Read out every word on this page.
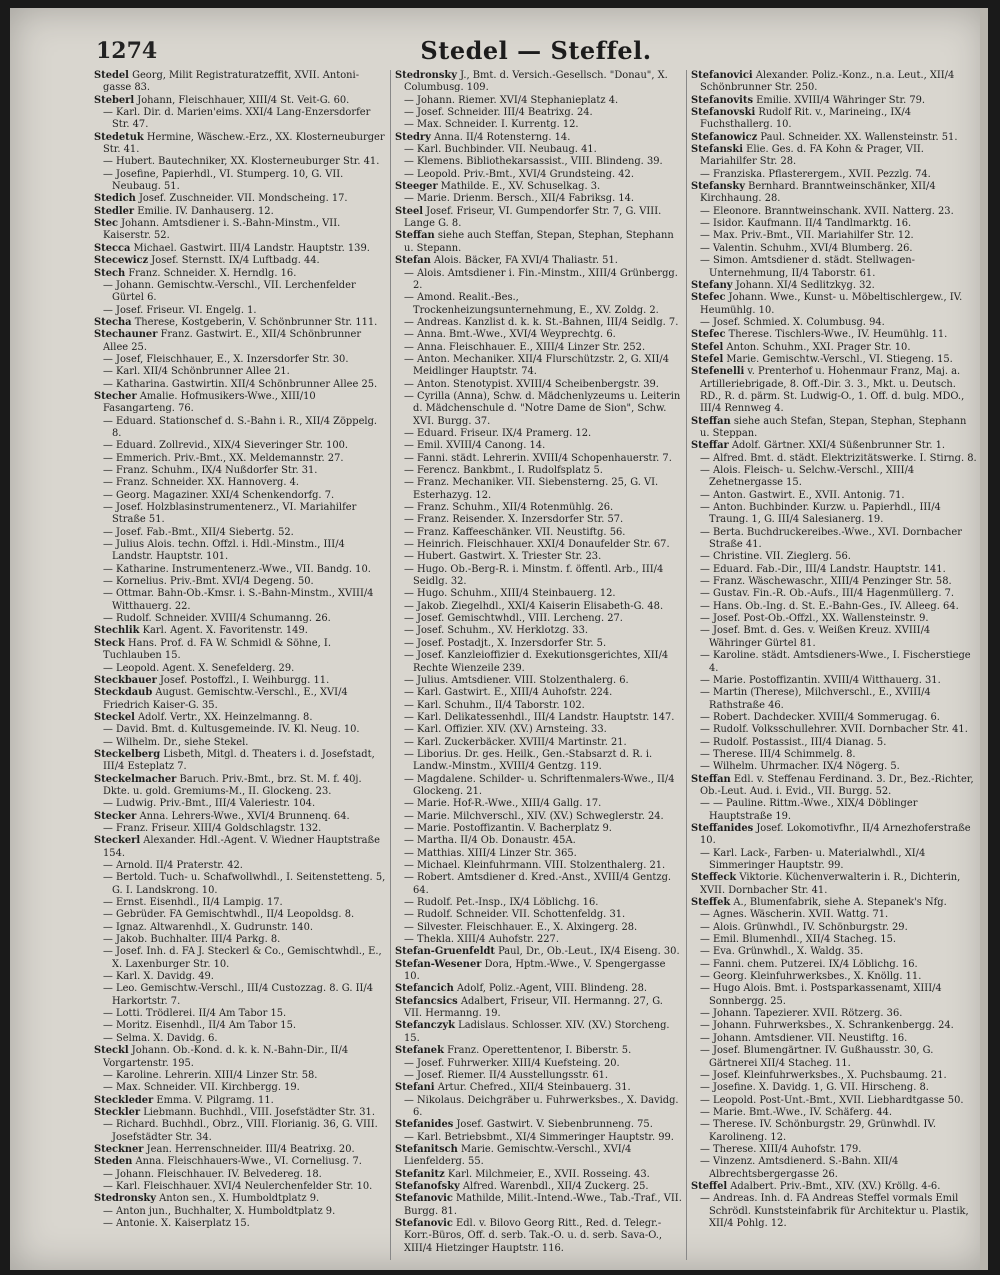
1274	Stedel — Steffel.
Stedel Georg, Milit Registraturatzeffit, XVII. Antoni-gasse 83.
Steberl Johann, Fleischhauer, XIII/4 St. Veit-G. 60.
— Karl. Dir. d. Marien'eims. XXI/4 Lang-Enzersdorfer Str. 47.
Stedetuk Hermine, Wäschew.-Erz., XX. Klosterneuburger Str. 41.
— Hubert. Bautechniker, XX. Klosterneuburger Str. 41.
— Josefine, Papierhdl., VI. Stumperg. 10, G. VII. Neubaug. 51.
Stedich Josef. Zuschneider. VII. Mondscheing. 17.
Stedler Emilie. IV. Danhauserg. 12.
Stec Johann. Amtsdiener i. S.-Bahn-Minstm., VII. Kaiserstr. 52.
Stecca Michael. Gastwirt. III/4 Landstr. Hauptstr. 139.
Stecewicz Josef. Sternstt. IX/4 Luftbadg. 44.
Stech Franz. Schneider. X. Herndlg. 16.
— Johann. Gemischtw.-Verschl., VII. Lerchenfelder Gürtel 6.
— Josef. Friseur. VI. Engelg. 1.
Stecha Therese, Kostgeberin, V. Schönbrunner Str. 111.
Stechauner Franz. Gastwirt. E., XII/4 Schönbrunner Allee 25.
— Josef, Fleischhauer, E., X. Inzersdorfer Str. 30.
— Karl. XII/4 Schönbrunner Allee 21.
— Katharina. Gastwirtin. XII/4 Schönbrunner Allee 25.
Stecher Amalie. Hofmusikers-Wwe., XIII/10 Fasangarteng. 76.
— Eduard. Stationschef d. S.-Bahn i. R., XII/4 Zöppelg. 8.
— Eduard. Zollrevid., XIX/4 Sieveringer Str. 100.
— Emmerich. Priv.-Bmt., XX. Meldemannstr. 27.
— Franz. Schuhm., IX/4 Nußdorfer Str. 31.
— Franz. Schneider. XX. Hannoverg. 4.
— Georg. Magaziner. XXI/4 Schenkendorfg. 7.
— Josef. Holzblasinstrumentenerz., VI. Mariahilfer Straße 51.
— Josef. Fab.-Bmt., XII/4 Siebertg. 52.
— Julius Alois. techn. Offzl. i. Hdl.-Minstm., III/4 Landstr. Hauptstr. 101.
— Katharine. Instrumentenerz.-Wwe., VII. Bandg. 10.
— Kornelius. Priv.-Bmt. XVI/4 Degeng. 50.
— Ottmar. Bahn-Ob.-Kmsr. i. S.-Bahn-Minstm., XVIII/4 Witthauerg. 22.
— Rudolf. Schneider. XVIII/4 Schumanng. 26.
Stechlik Karl. Agent. X. Favoritenstr. 149.
Steck Hans. Prof. d. FA W. Schmidl & Söhne, I. Tuchlauben 15.
— Leopold. Agent. X. Senefelderg. 29.
Steckbauer Josef. Postoffzl., I. Weihburgg. 11.
Steckdaub August. Gemischtw.-Verschl., E., XVI/4 Friedrich Kaiser-G. 35.
Steckel Adolf. Vertr., XX. Heinzelmanng. 8.
— David. Bmt. d. Kultusgemeinde. IV. Kl. Neug. 10.
— Wilhelm. Dr., siehe Stekel.
Steckelberg Lisbeth, Mitgl. d. Theaters i. d. Josefstadt, III/4 Esteplatz 7.
Steckelmacher Baruch. Priv.-Bmt., brz. St. M. f. 40j. Dkte. u. gold. Gremiums-M., II. Glockeng. 23.
— Ludwig. Priv.-Bmt., III/4 Valeriestr. 104.
Stecker Anna. Lehrers-Wwe., XVI/4 Brunnenq. 64.
— Franz. Friseur. XIII/4 Goldschlagstr. 132.
Steckerl Alexander. Hdl.-Agent. V. Wiedner Hauptstraße 154.
— Arnold. II/4 Praterstr. 42.
— Bertold. Tuch- u. Schafwollwhdl., I. Seitenstetteng. 5, G. I. Landskrong. 10.
— Ernst. Eisenhdl., II/4 Lampig. 17.
— Gebrüder. FA Gemischtwhdl., II/4 Leopoldsg. 8.
— Ignaz. Altwarenhdl., X. Gudrunstr. 140.
— Jakob. Buchhalter. III/4 Parkg. 8.
— Josef. Inh. d. FA J. Steckerl & Co., Gemischtwhdl., E., X. Laxenburger Str. 10.
— Karl. X. Davidg. 49.
— Leo. Gemischtw.-Verschl., III/4 Custozzag. 8. G. II/4 Harkortstr. 7.
— Lotti. Trödlerei. II/4 Am Tabor 15.
— Moritz. Eisenhdl., II/4 Am Tabor 15.
— Selma. X. Davidg. 6.
Steckl Johann. Ob.-Kond. d. k. k. N.-Bahn-Dir., II/4 Vorgartenstr. 195.
— Karoline. Lehrerin. XIII/4 Linzer Str. 58.
— Max. Schneider. VII. Kirchbergg. 19.
Steckleder Emma. V. Pilgramg. 11.
Steckler Liebmann. Buchhdl., VIII. Josefstädter Str. 31.
— Richard. Buchhdl., Obrz., VIII. Florianig. 36, G. VIII. Josefstädter Str. 34.
Steckner Jean. Herrenschneider. III/4 Beatrixg. 20.
Steden Anna. Fleischhauers-Wwe., VI. Corneliusg. 7.
— Johann. Fleischhauer. IV. Belvedereg. 18.
— Karl. Fleischhauer. XVI/4 Neulerchenfelder Str. 10.
Stedronsky Anton sen., X. Humboldtplatz 9.
— Anton jun., Buchhalter, X. Humboldtplatz 9.
— Antonie. X. Kaiserplatz 15.
Stedronsky J., Bmt. d. Versich.-Gesellsch. "Donau", X. Columbusg. 109.
— Johann. Riemer. XVI/4 Stephanieplatz 4.
— Josef. Schneider. III/4 Beatrixg. 24.
— Max. Schneider. I. Kurrentg. 12.
Stedry Anna. II/4 Rotensterng. 14.
— Karl. Buchbinder. VII. Neubaug. 41.
— Klemens. Bibliothekarsassist., VIII. Blindeng. 39.
— Leopold. Priv.-Bmt., XVI/4 Grundsteing. 42.
Steeger Mathilde. E., XV. Schuselkag. 3.
— Marie. Drienm. Bersch., XII/4 Fabriksg. 14.
Steel Josef. Friseur, VI. Gumpendorfer Str. 7, G. VIII. Lange G. 8.
Steffan siehe auch Steffan, Stepan, Stephan, Stephann u. Stepann.
Stefan Alois. Bäcker, FA XVI/4 Thaliastr. 51.
— Alois. Amtsdiener i. Fin.-Minstm., XIII/4 Grünbergg. 2.
— Amond. Realit.-Bes., Trockenheizungsunternehmung, E., XV. Zoldg. 2.
— Andreas. Kanzlist d. k. k. St.-Bahnen, III/4 Seidlg. 7.
— Anna. Bmt.-Wwe., XVI/4 Weyprechtg. 6.
— Anna. Fleischhauer. E., XIII/4 Linzer Str. 252.
— Anton. Mechaniker. XII/4 Flurschützstr. 2, G. XII/4 Meidlinger Hauptstr. 74.
— Anton. Stenotypist. XVIII/4 Scheibenbergstr. 39.
— Cyrilla (Anna), Schw. d. Mädchenlyzeums u. Leiterin d. Mädchenschule d. "Notre Dame de Sion", Schw. XVI. Burgg. 37.
— Eduard. Friseur. IX/4 Pramerg. 12.
— Emil. XVIII/4 Canong. 14.
— Fanni. städt. Lehrerin. XVIII/4 Schopenhauerstr. 7.
— Ferencz. Bankbmt., I. Rudolfsplatz 5.
— Franz. Mechaniker. VII. Siebensterng. 25, G. VI. Esterhazyg. 12.
— Franz. Schuhm., XII/4 Rotenmühlg. 26.
— Franz. Reisender. X. Inzersdorfer Str. 57.
— Franz. Kaffeeschänker. VII. Neustiftg. 56.
— Heinrich. Fleischhauer. XXI/4 Donaufelder Str. 67.
— Hubert. Gastwirt. X. Triester Str. 23.
— Hugo. Ob.-Berg-R. i. Minstm. f. öffentl. Arb., III/4 Seidlg. 32.
— Hugo. Schuhm., XIII/4 Steinbauerg. 12.
— Jakob. Ziegelhdl., XXI/4 Kaiserin Elisabeth-G. 48.
— Josef. Gemischtwhdl., VIII. Lercheng. 27.
— Josef. Schuhm., XV. Herklotzg. 33.
— Josef. Postadjt., X. Inzersdorfer Str. 5.
— Josef. Kanzleioffizier d. Exekutionsgerichtes, XII/4 Rechte Wienzeile 239.
— Julius. Amtsdiener. VIII. Stolzenthalerg. 6.
— Karl. Gastwirt. E., XIII/4 Auhofstr. 224.
— Karl. Schuhm., II/4 Taborstr. 102.
— Karl. Delikatessenhdl., III/4 Landstr. Hauptstr. 147.
— Karl. Offizier. XIV. (XV.) Arnsteing. 33.
— Karl. Zuckerbäcker. XVIII/4 Martinstr. 21.
— Liborius. Dr. ges. Heilk., Gen.-Stabsarzt d. R. i. Landw.-Minstm., XVIII/4 Gentzg. 119.
— Magdalene. Schilder- u. Schriftenmalers-Wwe., II/4 Glockeng. 21.
— Marie. Hof-R.-Wwe., XIII/4 Gallg. 17.
— Marie. Milchverschl., XIV. (XV.) Schweglerstr. 24.
— Marie. Postoffizantin. V. Bacherplatz 9.
— Martha. II/4 Ob. Donaustr. 45A.
— Matthias. XIII/4 Linzer Str. 365.
— Michael. Kleinfuhrmann. VIII. Stolzenthalerg. 21.
— Robert. Amtsdiener d. Kred.-Anst., XVIII/4 Gentzg. 64.
— Rudolf. Pet.-Insp., IX/4 Löblichg. 16.
— Rudolf. Schneider. VII. Schottenfeldg. 31.
— Silvester. Fleischhauer. E., X. Alxingerg. 28.
— Thekla. XIII/4 Auhofstr. 227.
Stefan-Gruenfeldt Paul, Dr., Ob.-Leut., IX/4 Eiseng. 30.
Stefan-Wesener Dora, Hptm.-Wwe., V. Spengergasse 10.
Stefancich Adolf, Poliz.-Agent, VIII. Blindeng. 28.
Stefancsics Adalbert, Friseur, VII. Hermanng. 27, G. VII. Hermanng. 19.
Stefanczyk Ladislaus. Schlosser. XIV. (XV.) Storcheng. 15.
Stefanek Franz. Operettentenor, I. Biberstr. 5.
— Josef. Fuhrwerker. XIII/4 Kuefsteing. 20.
— Josef. Riemer. II/4 Ausstellungsstr. 61.
Stefani Artur. Chefred., XII/4 Steinbauerg. 31.
— Nikolaus. Deichgräber u. Fuhrwerksbes., X. Davidg. 6.
Stefanides Josef. Gastwirt. V. Siebenbrunneng. 75.
— Karl. Betriebsbmt., XI/4 Simmeringer Hauptstr. 99.
Stefanitsch Marie. Gemischtw.-Verschl., XVI/4 Lienfelderg. 55.
Stefanitz Karl. Milchmeier, E., XVII. Rosseing. 43.
Stefanofsky Alfred. Warenbdl., XII/4 Zuckerg. 25.
Stefanovic Mathilde, Milit.-Intend.-Wwe., Tab.-Traf., VII. Burgg. 81.
Stefanovic Edl. v. Bilovo Georg Ritt., Red. d. Telegr.-Korr.-Büros, Off. d. serb. Tak.-O. u. d. serb. Sava-O., XIII/4 Hietzinger Hauptstr. 116.
Stefanovici Alexander. Poliz.-Konz., n.a. Leut., XII/4 Schönbrunner Str. 250.
Stefanovits Emilie. XVIII/4 Währinger Str. 79.
Stefanovski Rudolf Rit. v., Marineing., IX/4 Fuchsthallerg. 10.
Stefanowicz Paul. Schneider. XX. Wallensteinstr. 51.
Stefanski Elie. Ges. d. FA Kohn & Prager, VII. Mariahilfer Str. 28.
— Franziska. Pflasterergem., XVII. Pezzlg. 74.
Stefansky Bernhard. Branntweinschänker, XII/4 Kirchhaung. 28.
— Eleonore. Branntweinschank. XVII. Natterg. 23.
— Isidor. Kaufmann. II/4 Tandlmarktg. 16.
— Max. Priv.-Bmt., VII. Mariahilfer Str. 12.
— Valentin. Schuhm., XVI/4 Blumberg. 26.
— Simon. Amtsdiener d. städt. Stellwagen-Unternehmung, II/4 Taborstr. 61.
Stefany Johann. XI/4 Sedlitzkyg. 32.
Stefec Johann. Wwe., Kunst- u. Möbeltischlergew., IV. Heumühlg. 10.
— Josef. Schmied. X. Columbusg. 94.
Stefec Therese. Tischlers-Wwe., IV. Heumühlg. 11.
Stefel Anton. Schuhm., XXI. Prager Str. 10.
Stefel Marie. Gemischtw.-Verschl., VI. Stiegeng. 15.
Stefenelli v. Prenterhof u. Hohenmaur Franz, Maj. a. Artilleriebrigade, 8. Off.-Dir. 3. 3., Mkt. u. Deutsch. RD., R. d. pärm. St. Ludwig-O., 1. Off. d. bulg. MDO., III/4 Rennweg 4.
Steffan siehe auch Stefan, Stepan, Stephan, Stephann u. Steppan.
Steffar Adolf. Gärtner. XXI/4 Süßenbrunner Str. 1.
— Alfred. Bmt. d. städt. Elektrizitätswerke. I. Stirng. 8.
— Alois. Fleisch- u. Selchw.-Verschl., XIII/4 Zehetnergasse 15.
— Anton. Gastwirt. E., XVII. Antonig. 71.
— Anton. Buchbinder. Kurzw. u. Papierhdl., III/4 Traung. 1, G. III/4 Salesianerg. 19.
— Berta. Buchdruckereibes.-Wwe., XVI. Dornbacher Straße 41.
— Christine. VII. Zieglerg. 56.
— Eduard. Fab.-Dir., III/4 Landstr. Hauptstr. 141.
— Franz. Wäschewaschr., XIII/4 Penzinger Str. 58.
— Gustav. Fin.-R. Ob.-Aufs., III/4 Hagenmüllerg. 7.
— Hans. Ob.-Ing. d. St. E.-Bahn-Ges., IV. Alleeg. 64.
— Josef. Post-Ob.-Offzl., XX. Wallensteinstr. 9.
— Josef. Bmt. d. Ges. v. Weißen Kreuz. XVIII/4 Währinger Gürtel 81.
— Karoline. städt. Amtsdieners-Wwe., I. Fischerstiege 4.
— Marie. Postoffizantin. XVIII/4 Witthauerg. 31.
— Martin (Therese), Milchverschl., E., XVIII/4 Rathstraße 46.
— Robert. Dachdecker. XVIII/4 Sommerugag. 6.
— Rudolf. Volksschullehrer. XVII. Dornbacher Str. 41.
— Rudolf. Postassist., III/4 Dianag. 5.
— Therese. III/4 Schimmelg. 8.
— Wilhelm. Uhrmacher. IX/4 Nögerg. 5.
Steffan Edl. v. Steffenau Ferdinand. 3. Dr., Bez.-Richter, Ob.-Leut. Aud. i. Evid., VII. Burgg. 52.
— — Pauline. Rittm.-Wwe., XIX/4 Döblinger Hauptstraße 19.
Steffanides Josef. Lokomotivfhr., II/4 Arnezhoferstraße 10.
— Karl. Lack-, Farben- u. Materialwhdl., XI/4 Simmeringer Hauptstr. 99.
Steffeck Viktorie. Küchenverwalterin i. R., Dichterin, XVII. Dornbacher Str. 41.
Steffek A., Blumenfabrik, siehe A. Stepanek's Nfg.
— Agnes. Wäscherin. XVII. Wattg. 71.
— Alois. Grünwhdl., IV. Schönburgstr. 29.
— Emil. Blumenhdl., XII/4 Stacheg. 15.
— Eva. Grünwhdl., X. Waldg. 35.
— Fanni. chem. Putzerei. IX/4 Löblichg. 16.
— Georg. Kleinfuhrwerksbes., X. Knöllg. 11.
— Hugo Alois. Bmt. i. Postsparkassenamt, XIII/4 Sonnbergg. 25.
— Johann. Tapezierer. XVII. Rötzerg. 36.
— Johann. Fuhrwerksbes., X. Schrankenbergg. 24.
— Johann. Amtsdiener. VII. Neustiftg. 16.
— Josef. Blumengärtner. IV. Gußhausstr. 30, G. Gärtnerei XII/4 Stacheg. 11.
— Josef. Kleinfuhrwerksbes., X. Puchsbaumg. 21.
— Josefine. X. Davidg. 1, G. VII. Hirscheng. 8.
— Leopold. Post-Unt.-Bmt., XVII. Liebhardtgasse 50.
— Marie. Bmt.-Wwe., IV. Schäferg. 44.
— Therese. IV. Schönburgstr. 29, Grünwhdl. IV. Karolineng. 12.
— Therese. XIII/4 Auhofstr. 179.
— Vinzenz. Amtsdienerd. S.-Bahn. XII/4 Albrechtsbergergasse 26.
Steffel Adalbert. Priv.-Bmt., XIV. (XV.) Kröllg. 4-6.
— Andreas. Inh. d. FA Andreas Steffel vormals Emil Schrödl. Kunststeinfabrik für Architektur u. Plastik, XII/4 Pohlg. 12.
